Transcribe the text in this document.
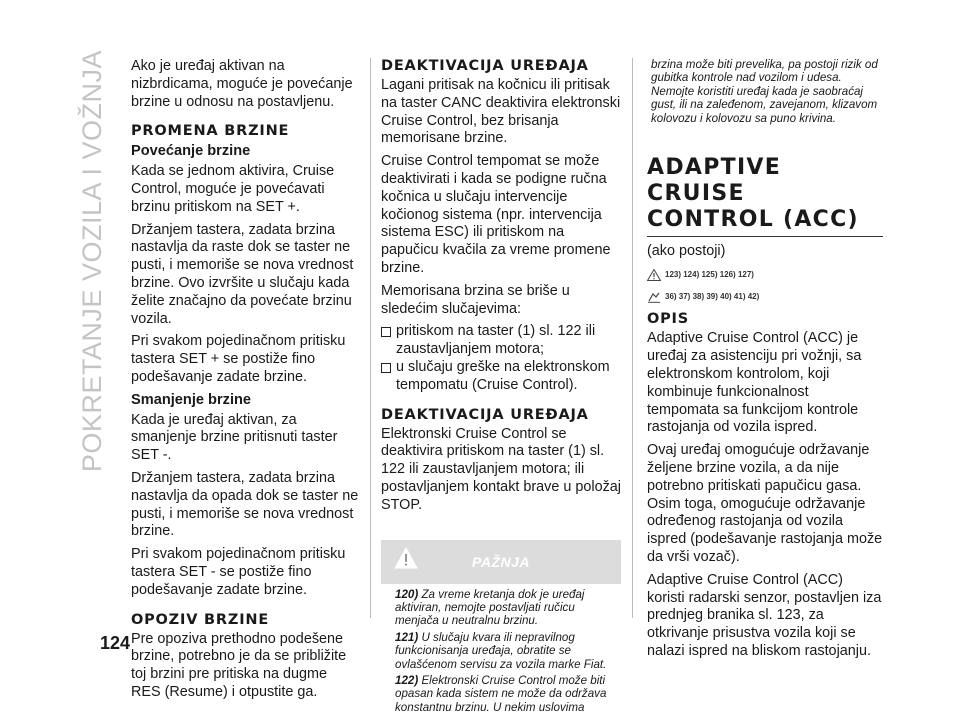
POKRETANJE VOZILA I VOŽNJA	Ako je uređaj aktivan na nizbrdicama, moguće je povećanje brzine u odnosu na postavljenu.

PROMENA BRZINE
Povećanje brzine

Kada se jednom aktivira, Cruise Control, moguće je povećavati brzinu pritiskom na SET +.

Držanjem tastera, zadata brzina nastavlja da raste dok se taster ne pusti, i memoriše se nova vrednost brzine. Ovo izvršite u slučaju kada želite značajno da povećate brzinu vozila.

Pri svakom pojedinačnom pritisku tastera SET + se postiže fino podešavanje zadate brzine.

Smanjenje brzine

Kada je uređaj aktivan, za smanjenje brzine pritisnuti taster SET -.

Držanjem tastera, zadata brzina nastavlja da opada dok se taster ne pusti, i memoriše se nova vrednost brzine.

Pri svakom pojedinačnom pritisku tastera SET - se postiže fino podešavanje zadate brzine.

OPOZIV BRZINE

Pre opoziva prethodno podešene brzine, potrebno je da se približite toj brzini pre pritiska na dugme RES (Resume) i otpustite ga.

DEAKTIVACIJA UREĐAJA

Lagani pritisak na kočnicu ili pritisak na taster CANC deaktivira elektronski Cruise Control, bez brisanja memorisane brzine.

Cruise Control tempomat se može deaktivirati i kada se podigne ručna kočnica u slučaju intervencije kočionog sistema (npr. intervencija sistema ESC) ili pritiskom na papučicu kvačila za vreme promene brzine.

Memorisana brzina se briše u sledećim slučajevima:

pritiskom na taster (1) sl. 122 ili zaustavljanjem motora;
u slučaju greške na elektronskom tempomatu (Cruise Control).
DEAKTIVACIJA UREĐAJA

Elektronski Cruise Control se deaktivira pritiskom na taster (1) sl. 122 ili zaustavljanjem motora; ili postavljanjem kontakt brave u položaj STOP.

PAŽNJA

120) Za vreme kretanja dok je uređaj aktiviran, nemojte postavljati ručicu menjača u neutralnu brzinu.

121) U slučaju kvara ili nepravilnog funkcionisanja uređaja, obratite se ovlašćenom servisu za vozila marke Fiat.

122) Elektronski Cruise Control može biti opasan kada sistem ne može da održava konstantnu brzinu. U nekim uslovima

brzina može biti prevelika, pa postoji rizik od gubitka kontrole nad vozilom i udesa. Nemojte koristiti uređaj kada je saobraćaj gust, ili na zaleđenom, zavejanom, klizavom kolovozu i kolovozu sa puno krivina.
ADAPTIVE CRUISE
CONTROL (ACC)

(ako postoji)

123) 124) 125) 126) 127)
36) 37) 38) 39) 40) 41) 42)
OPIS

Adaptive Cruise Control (ACC) je uređaj za asistenciju pri vožnji, sa elektronskom kontrolom, koji kombinuje funkcionalnost tempomata sa funkcijom kontrole rastojanja od vozila ispred.

Ovaj uređaj omogućuje održavanje željene brzine vozila, a da nije potrebno pritiskati papučicu gasa. Osim toga, omogućuje održavanje određenog rastojanja od vozila ispred (podešavanje rastojanja može da vrši vozač).

Adaptive Cruise Control (ACC) koristi radarski senzor, postavljen iza prednjeg branika sl. 123, za otkrivanje prisustva vozila koji se nalazi ispred na bliskom rastojanju.

124
